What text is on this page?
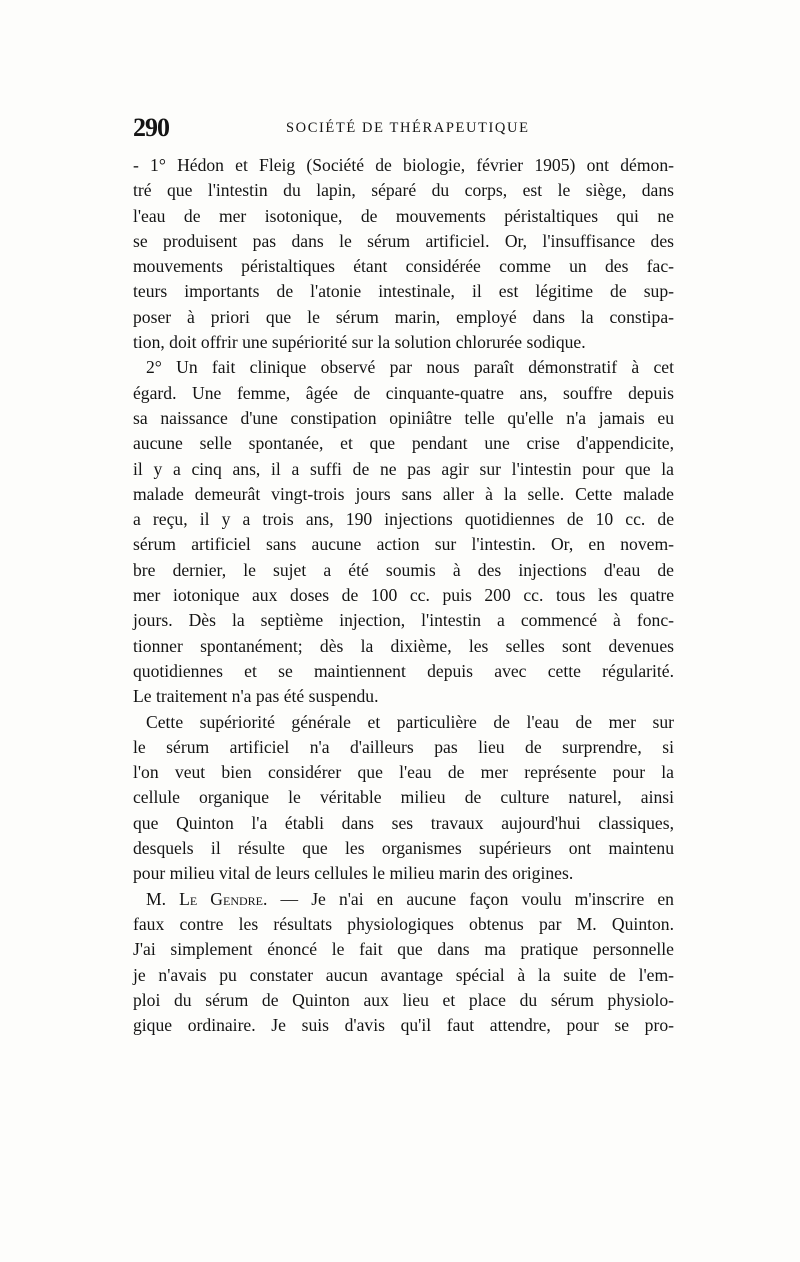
290	SOCIÉTÉ DE THÉRAPEUTIQUE
- 1° Hédon et Fleig (Société de biologie, février 1905) ont démon-
tré que l'intestin du lapin, séparé du corps, est le siège, dans
l'eau de mer isotonique, de mouvements péristaltiques qui ne
se produisent pas dans le sérum artificiel. Or, l'insuffisance des
mouvements péristaltiques étant considérée comme un des fac-
teurs importants de l'atonie intestinale, il est légitime de sup-
poser à priori que le sérum marin, employé dans la constipa-
tion, doit offrir une supériorité sur la solution chlorurée sodique.
2° Un fait clinique observé par nous paraît démonstratif à cet
égard. Une femme, âgée de cinquante-quatre ans, souffre depuis
sa naissance d'une constipation opiniâtre telle qu'elle n'a jamais eu
aucune selle spontanée, et que pendant une crise d'appendicite,
il y a cinq ans, il a suffi de ne pas agir sur l'intestin pour que la
malade demeurât vingt-trois jours sans aller à la selle. Cette malade
a reçu, il y a trois ans, 190 injections quotidiennes de 10 cc. de
sérum artificiel sans aucune action sur l'intestin. Or, en novem-
bre dernier, le sujet a été soumis à des injections d'eau de
mer iotonique aux doses de 100 cc. puis 200 cc. tous les quatre
jours. Dès la septième injection, l'intestin a commencé à fonc-
tionner spontanément; dès la dixième, les selles sont devenues
quotidiennes et se maintiennent depuis avec cette régularité.
Le traitement n'a pas été suspendu.
Cette supériorité générale et particulière de l'eau de mer sur
le sérum artificiel n'a d'ailleurs pas lieu de surprendre, si
l'on veut bien considérer que l'eau de mer représente pour la
cellule organique le véritable milieu de culture naturel, ainsi
que Quinton l'a établi dans ses travaux aujourd'hui classiques,
desquels il résulte que les organismes supérieurs ont maintenu
pour milieu vital de leurs cellules le milieu marin des origines.
M. Le Gendre. — Je n'ai en aucune façon voulu m'inscrire en
faux contre les résultats physiologiques obtenus par M. Quinton.
J'ai simplement énoncé le fait que dans ma pratique personnelle
je n'avais pu constater aucun avantage spécial à la suite de l'em-
ploi du sérum de Quinton aux lieu et place du sérum physiolo-
gique ordinaire. Je suis d'avis qu'il faut attendre, pour se pro-
